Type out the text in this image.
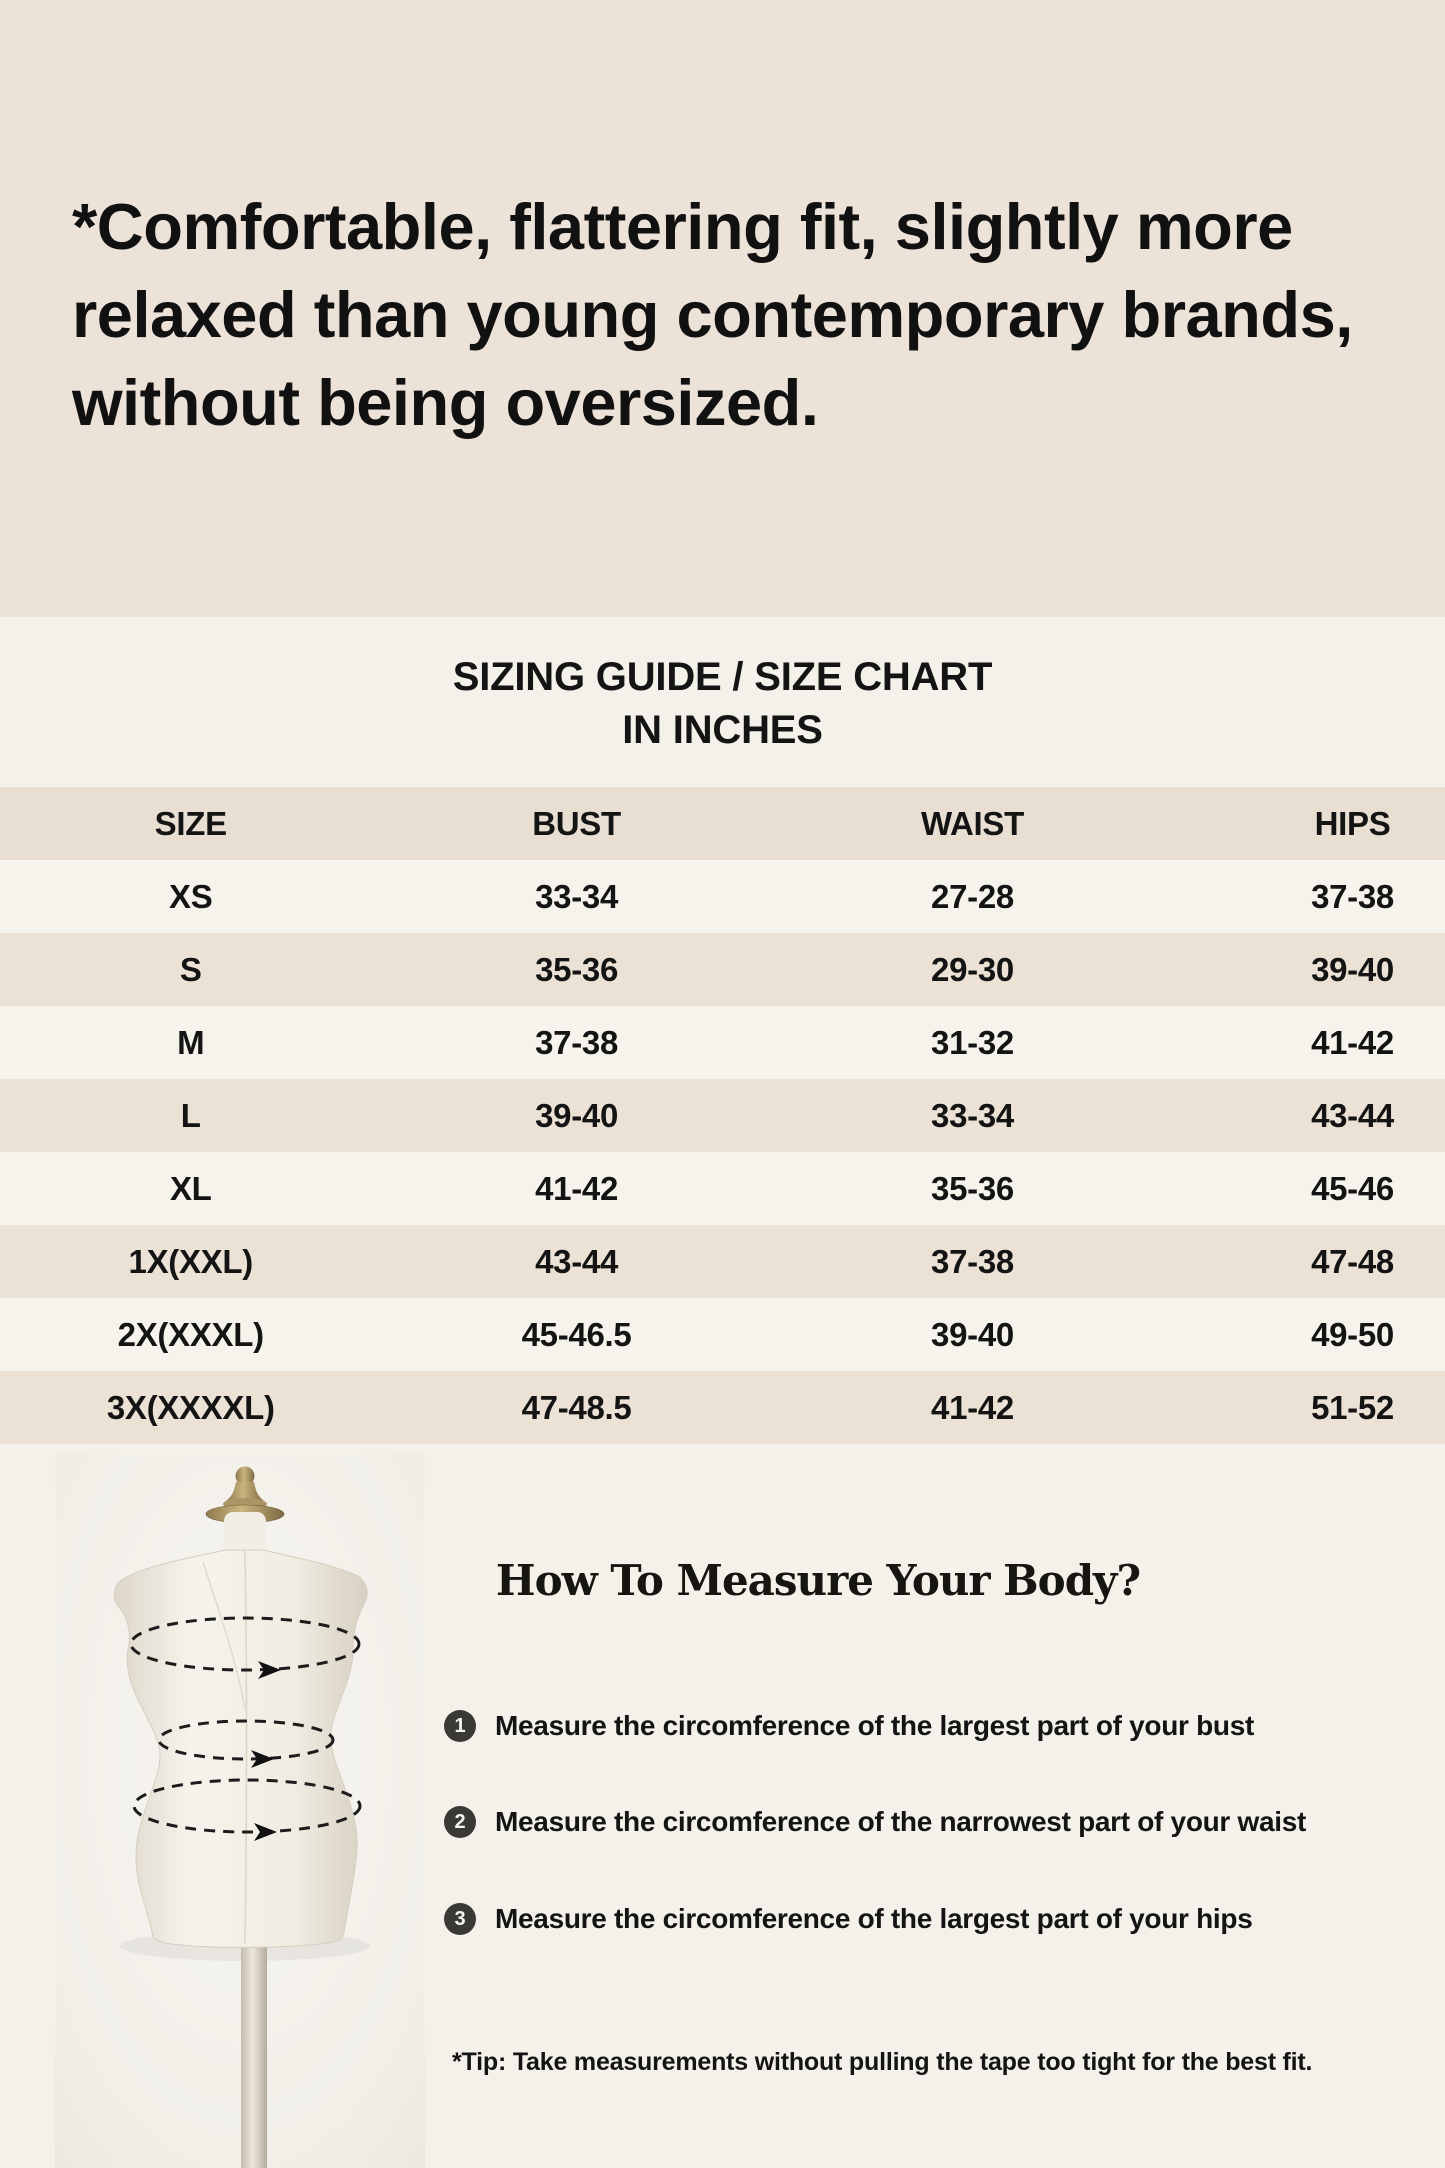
*Comfortable, flattering fit, slightly more
relaxed than young contemporary brands,
without being oversized.
SIZING GUIDE / SIZE CHART
IN INCHES
SIZE	BUST	WAIST	HIPS
XS	33-34	27-28	37-38
S	35-36	29-30	39-40
M	37-38	31-32	41-42
L	39-40	33-34	43-44
XL	41-42	35-36	45-46
1X(XXL)	43-44	37-38	47-48
2X(XXXL)	45-46.5	39-40	49-50
3X(XXXXL)	47-48.5	41-42	51-52
How To Measure Your Body?
1	Measure the circomference of the largest part of your bust
2	Measure the circomference of the narrowest part of your waist
3	Measure the circomference of the largest part of your hips
*Tip: Take measurements without pulling the tape too tight for the best fit.
